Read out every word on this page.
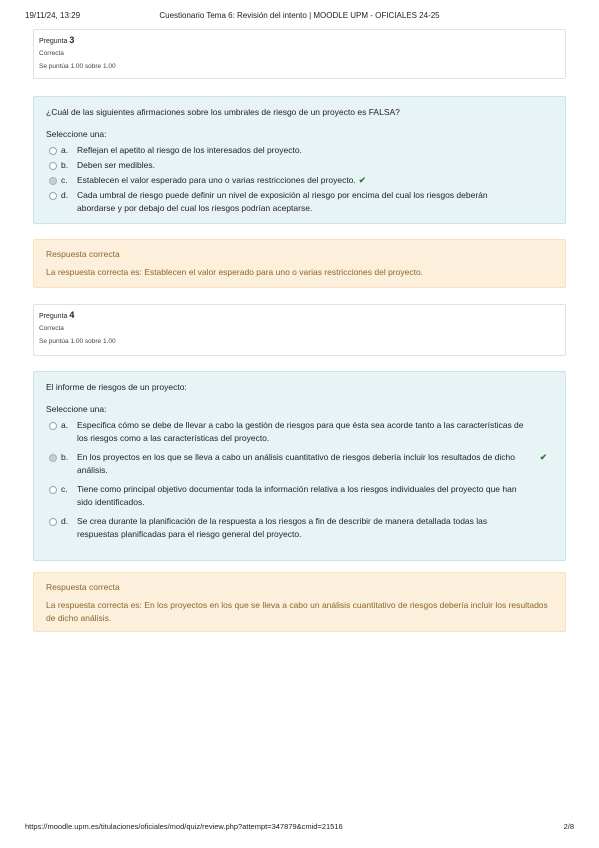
19/11/24, 13:29	Cuestionario Tema 6: Revisión del intento | MOODLE UPM - OFICIALES 24-25
Pregunta 3
Correcta
Se puntúa 1.00 sobre 1.00
¿Cuál de las siguientes afirmaciones sobre los umbrales de riesgo de un proyecto es FALSA?
Seleccione una:
a. Reflejan el apetito al riesgo de los interesados del proyecto.
b. Deben ser medibles.
c. Establecen el valor esperado para uno o varias restricciones del proyecto. ✔
d. Cada umbral de riesgo puede definir un nivel de exposición al riesgo por encima del cual los riesgos deberán abordarse y por debajo del cual los riesgos podrían aceptarse.
Respuesta correcta
La respuesta correcta es: Establecen el valor esperado para uno o varias restricciones del proyecto.
Pregunta 4
Correcta
Se puntúa 1.00 sobre 1.00
El informe de riesgos de un proyecto:
Seleccione una:
a. Especifica cómo se debe de llevar a cabo la gestión de riesgos para que ésta sea acorde tanto a las características de los riesgos como a las características del proyecto.
b. En los proyectos en los que se lleva a cabo un análisis cuantitativo de riesgos debería incluir los resultados de dicho análisis.
✔
c. Tiene como principal objetivo documentar toda la información relativa a los riesgos individuales del proyecto que han sido identificados.
d. Se crea durante la planificación de la respuesta a los riesgos a fin de describir de manera detallada todas las respuestas planificadas para el riesgo general del proyecto.
Respuesta correcta
La respuesta correcta es: En los proyectos en los que se lleva a cabo un análisis cuantitativo de riesgos debería incluir los resultados de dicho análisis.
https://moodle.upm.es/titulaciones/oficiales/mod/quiz/review.php?attempt=347879&cmid=21516	2/8
